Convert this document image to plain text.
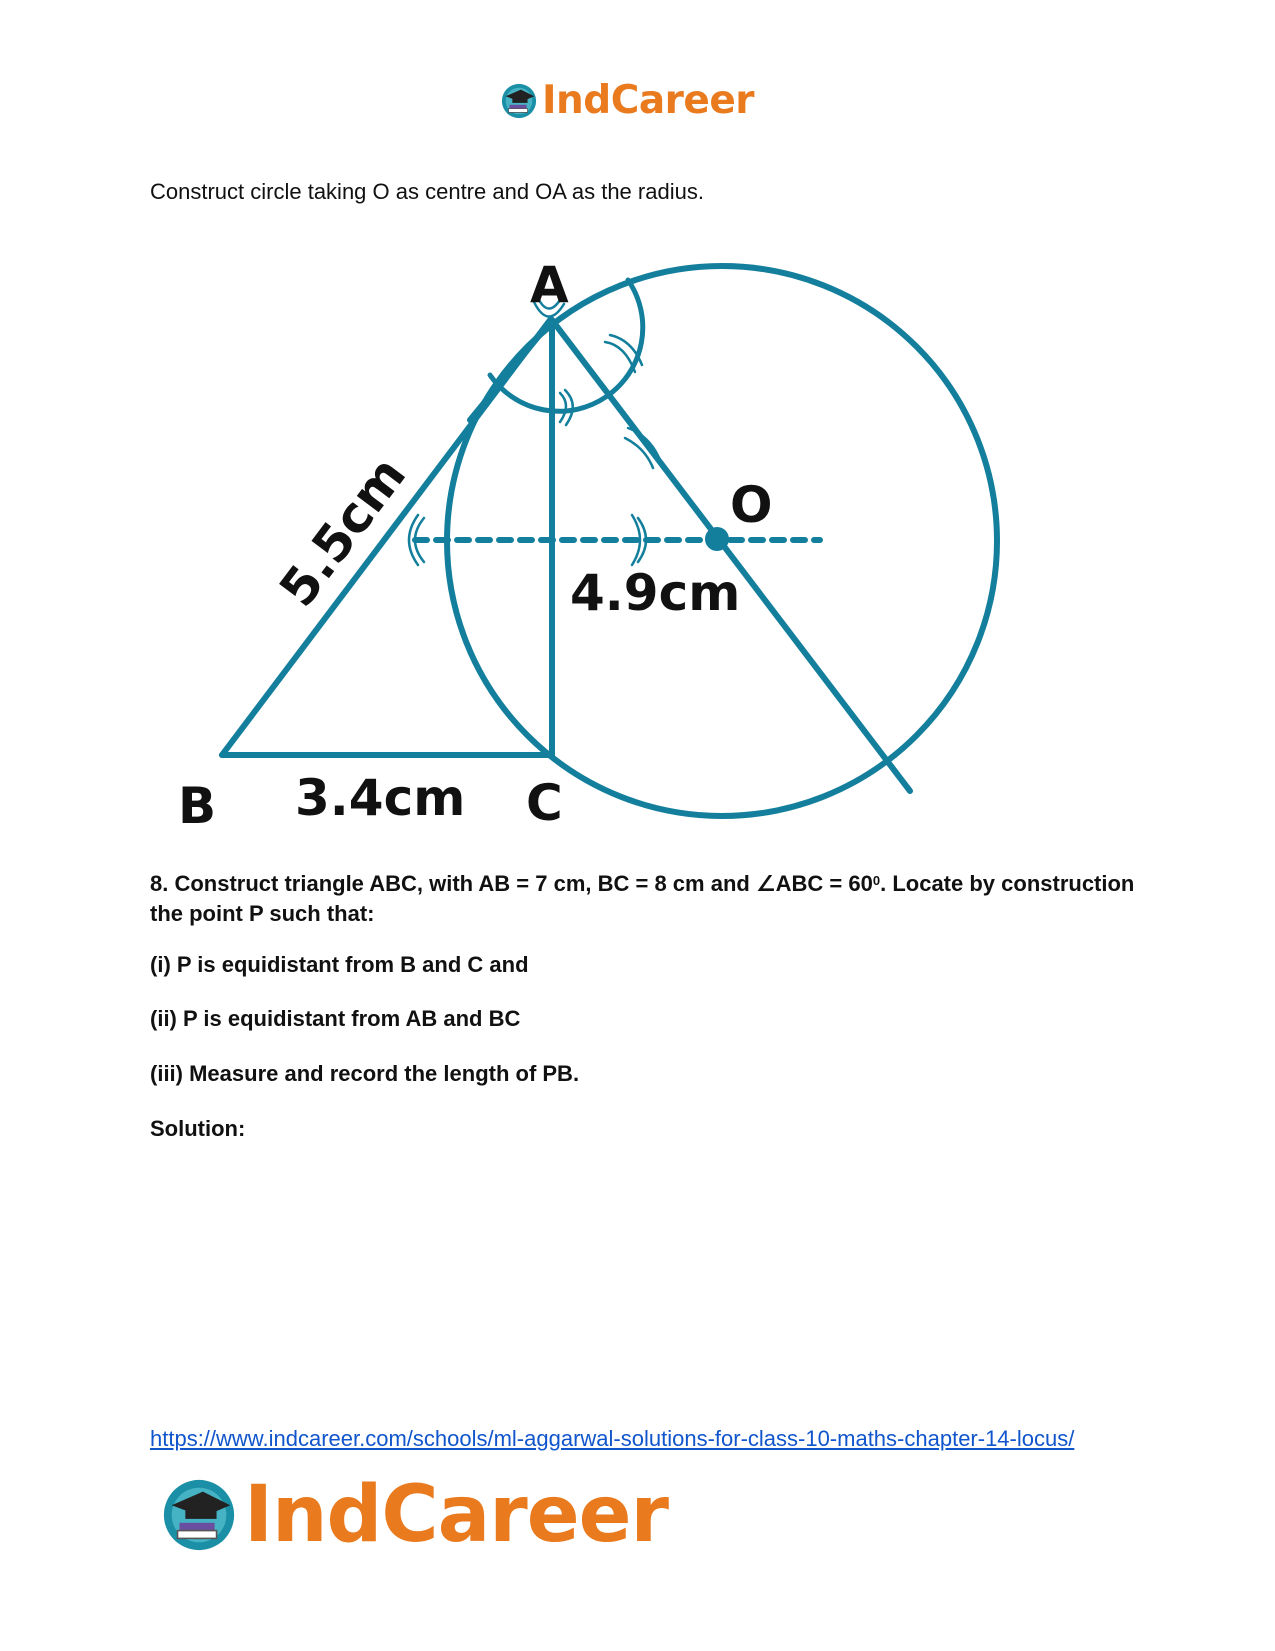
IndCareer

Construct circle taking O as centre and OA as the radius.

A
B	C
O
3.4cm
4.9cm
5.5cm

8. Construct triangle ABC, with AB = 7 cm, BC = 8 cm and ∠ABC = $60^0$. Locate by construction the point P such that:

(i) P is equidistant from B and C and

(ii) P is equidistant from AB and BC

(iii) Measure and record the length of PB.

Solution:

https://www.indcareer.com/schools/ml-aggarwal-solutions-for-class-10-maths-chapter-14-locus/
IndCareer
